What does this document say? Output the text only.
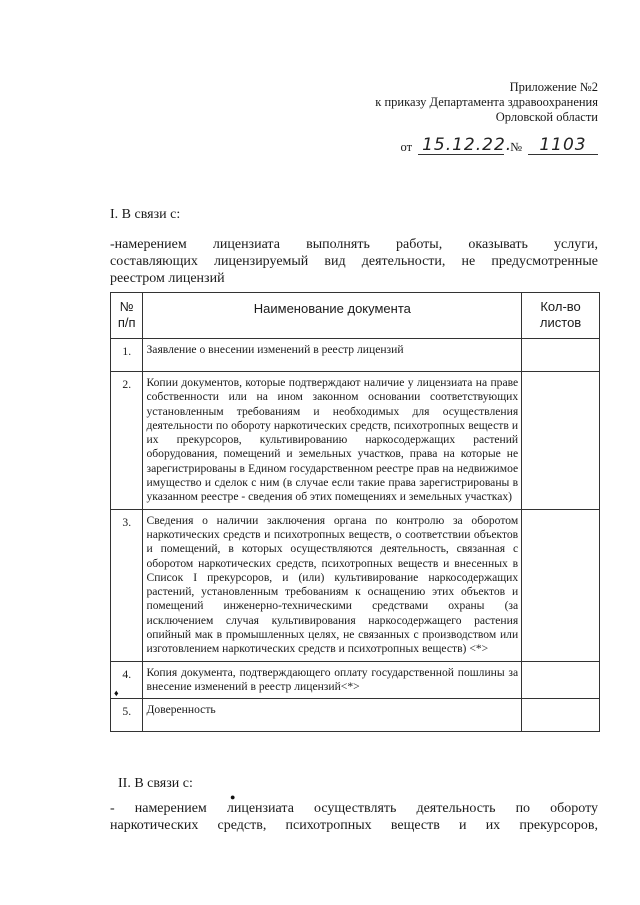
Приложение №2
к приказу Департамента здравоохранения
Орловской области
от 15.12.22.
№	1103
I. В связи с:
-намерением лицензиата выполнять работы, оказывать услуги,
составляющих лицензируемый вид деятельности, не предусмотренные
реестром лицензий
№ п/п	Наименование документа	Кол-во листов
1.	Заявление о внесении изменений в реестр лицензий	
2.	Копии документов, которые подтверждают наличие у лицензиата на праве собственности или на ином законном основании соответствующих установленным требованиям и необходимых для осуществления деятельности по обороту наркотических средств, психотропных веществ и их прекурсоров, культивированию наркосодержащих растений оборудования, помещений и земельных участков, права на которые не зарегистрированы в Едином государственном реестре прав на недвижимое имущество и сделок с ним (в случае если такие права зарегистрированы в указанном реестре - сведения об этих помещениях и земельных участках)	
3.	Сведения о наличии заключения органа по контролю за оборотом наркотических средств и психотропных веществ, о соответствии объектов и помещений, в которых осуществляются деятельность, связанная с оборотом наркотических средств, психотропных веществ и внесенных в Список I прекурсоров, и (или) культивирование наркосодержащих растений, установленным требованиям к оснащению этих объектов и помещений инженерно-техническими средствами охраны (за исключением случая культивирования наркосодержащего растения опийный мак в промышленных целях, не связанных с производством или изготовлением наркотических средств и психотропных веществ) <*>	
4.	Копия документа, подтверждающего оплату государственной пошлины за внесение изменений в реестр лицензий<*>	
5.	Доверенность	
♦
●
II. В связи с:
- намерением лицензиата осуществлять деятельность по обороту
наркотических средств, психотропных веществ и их прекурсоров,
